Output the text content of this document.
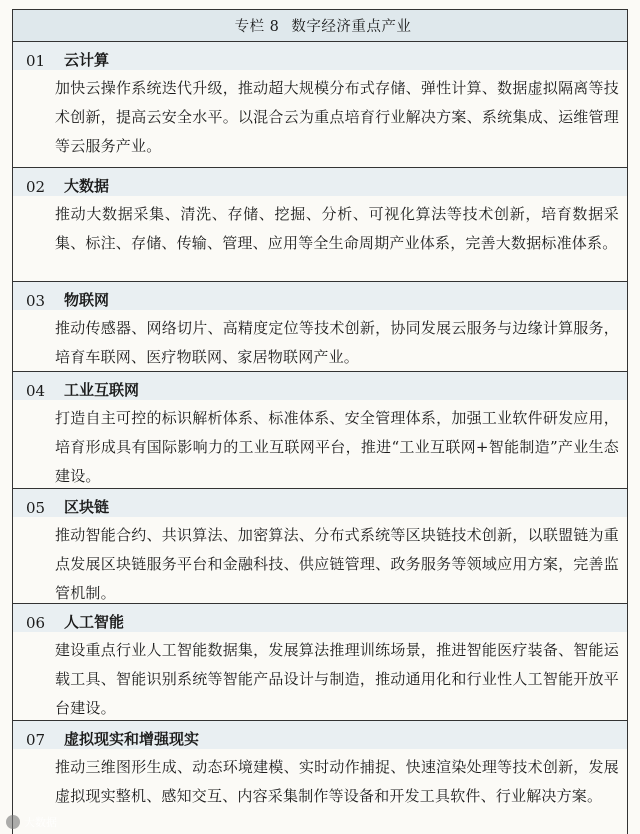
专栏 8 数字经济重点产业
01	云计算
加快云操作系统迭代升级，推动超大规模分布式存储、弹性计算、数据虚拟隔离等技术创新，提高云安全水平。以混合云为重点培育行业解决方案、系统集成、运维管理等云服务产业。
02	大数据
推动大数据采集、清洗、存储、挖掘、分析、可视化算法等技术创新，培育数据采集、标注、存储、传输、管理、应用等全生命周期产业体系，完善大数据标准体系。
03	物联网
推动传感器、网络切片、高精度定位等技术创新，协同发展云服务与边缘计算服务，培育车联网、医疗物联网、家居物联网产业。
04	工业互联网
打造自主可控的标识解析体系、标准体系、安全管理体系，加强工业软件研发应用，培育形成具有国际影响力的工业互联网平台，推进“工业互联网+智能制造”产业生态建设。
05	区块链
推动智能合约、共识算法、加密算法、分布式系统等区块链技术创新，以联盟链为重点发展区块链服务平台和金融科技、供应链管理、政务服务等领域应用方案，完善监管机制。
06	人工智能
建设重点行业人工智能数据集，发展算法推理训练场景，推进智能医疗装备、智能运载工具、智能识别系统等智能产品设计与制造，推动通用化和行业性人工智能开放平台建设。
07	虚拟现实和增强现实
推动三维图形生成、动态环境建模、实时动作捕捉、快速渲染处理等技术创新，发展虚拟现实整机、感知交互、内容采集制作等设备和开发工具软件、行业解决方案。
大数据
